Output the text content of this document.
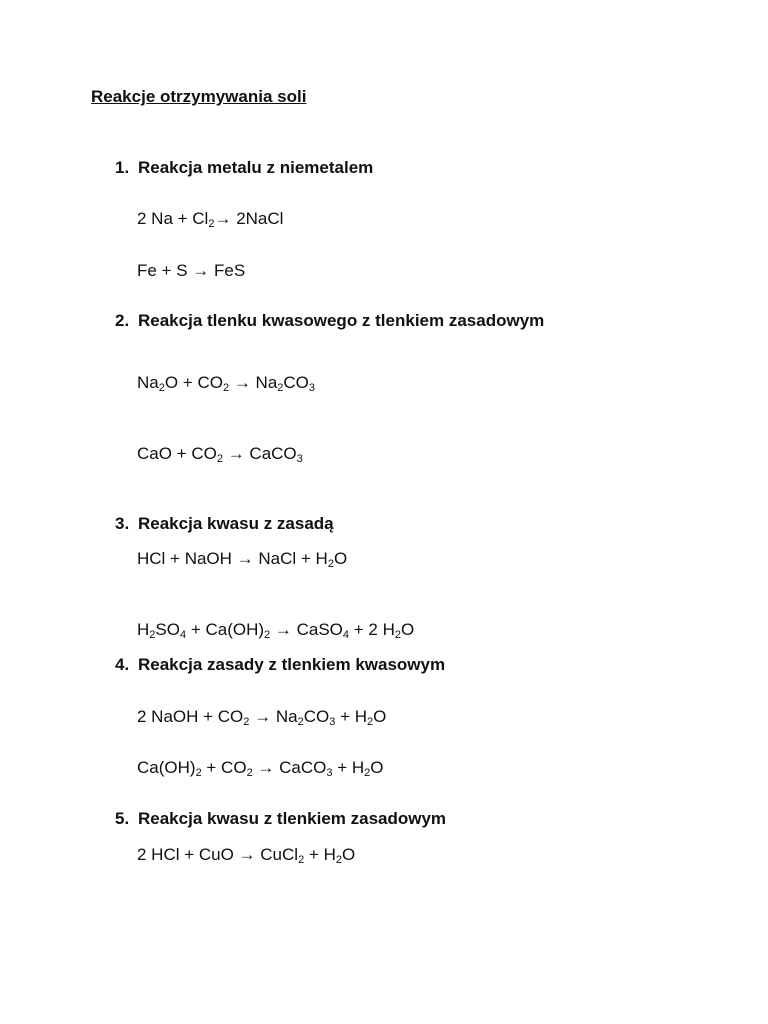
Reakcje otrzymywania soli
1. Reakcja metalu z niemetalem
2 $Na + Cl_2\to$ 2NaCl
Fe + S → FeS
2. Reakcja tlenku kwasowego z tlenkiem zasadowym
$Na_2O + CO_2 \to Na_2CO_3$
CaO + $CO_2$ → CaCO$_3$
3. Reakcja kwasu z zasadą
HCl + NaOH → NaCl + $H_2O$
$H_2SO_4 + Ca(OH)_2$ → CaSO$_4$ + 2 $H_2O$
4. Reakcja zasady z tlenkiem kwasowym
2 NaOH + $CO_2 \to Na_2CO_3 + H_2O$
$Ca(OH)_2 + CO_2$ → CaCO$_3$ + $H_2O$
5. Reakcja kwasu z tlenkiem zasadowym
2 HCl + CuO → CuCl$_2$ + $H_2O$
